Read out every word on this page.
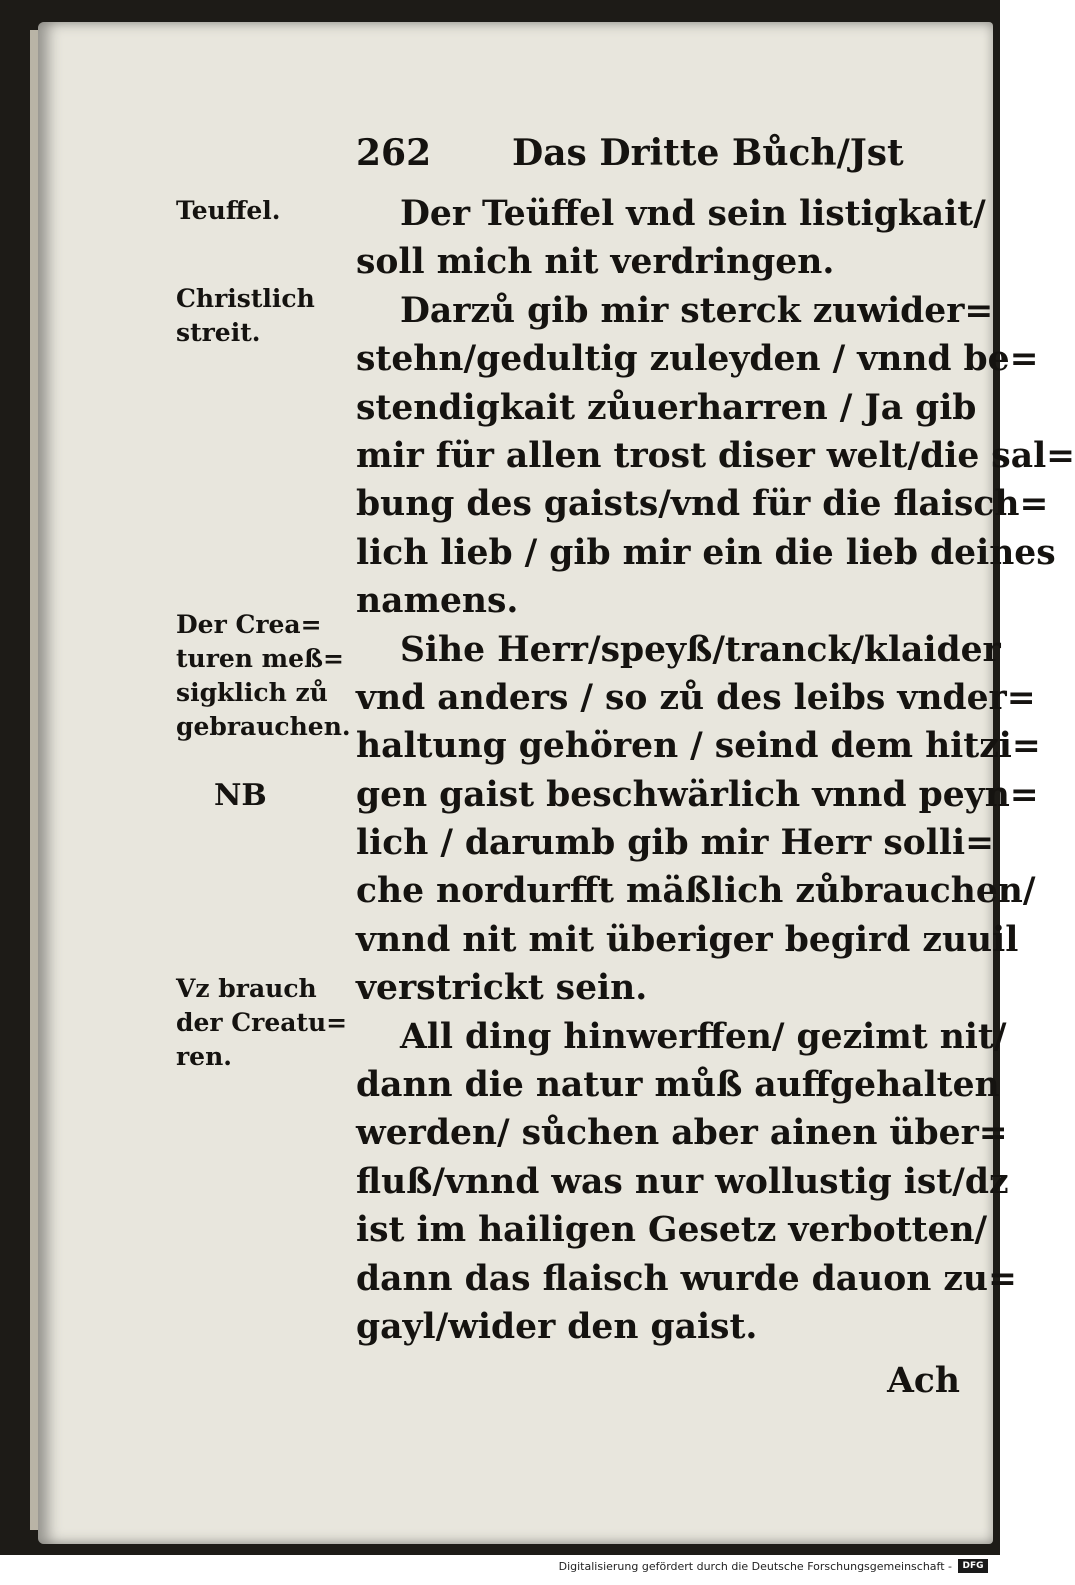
262 Das Dritte Bůch/Jst
Der Teüffel vnd sein listigkait/
soll mich nit verdringen.
Darzů gib mir sterck zuwider=
stehn/gedultig zuleyden / vnnd be=
stendigkait zůuerharren / Ja gib
mir für allen trost diser welt/die sal=
bung des gaists/vnd für die flaisch=
lich lieb / gib mir ein die lieb deines
namens.
Sihe Herr/speyß/tranck/klaider
vnd anders / so zů des leibs vnder=
haltung gehören / seind dem hitzi=
gen gaist beschwärlich vnnd peyn=
lich / darumb gib mir Herr solli=
che nordurfft mäßlich zůbrauchen/
vnnd nit mit überiger begird zuuil
verstrickt sein.
All ding hinwerffen/ gezimt nit/
dann die natur můß auffgehalten
werden/ sůchen aber ainen über=
fluß/vnnd was nur wollustig ist/dz
ist im hailigen Gesetz verbotten/
dann das flaisch wurde dauon zu=
gayl/wider den gaist.
Ach
Teuffel.
Christlich
streit.
Der Crea=
turen meß=
sigklich zů
gebrauchen.
NB
Vz brauch
der Creatu=
ren.
Digitalisierung gefördert durch die Deutsche Forschungsgemeinschaft -	DFG
